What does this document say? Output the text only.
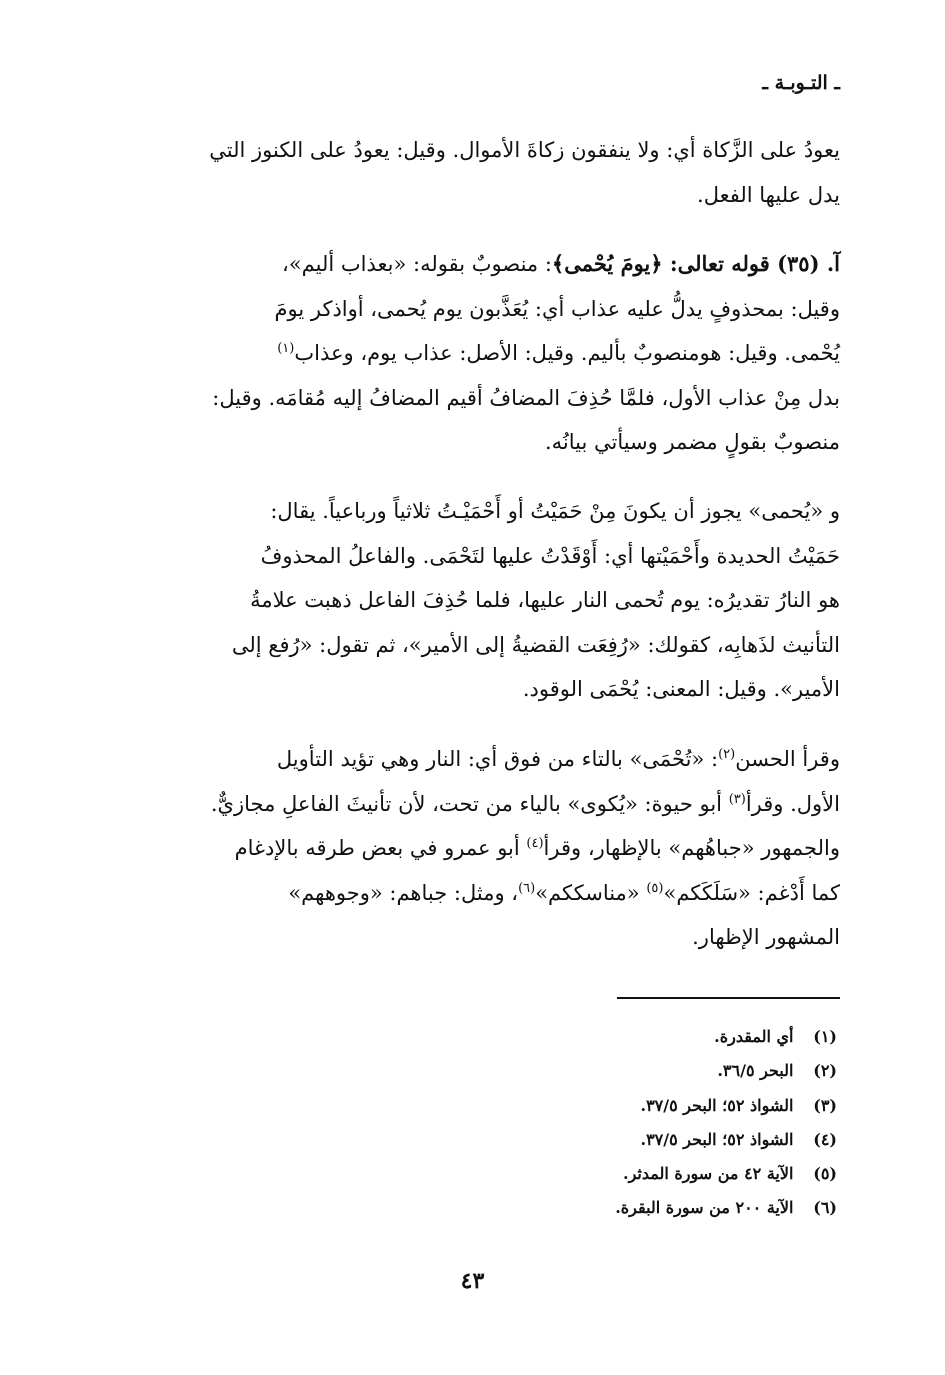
ـ التـوبـة ـ
يعودُ على الزَّكاة أي: ولا ينفقون زكاةَ الأموال. وقيل: يعودُ على الكنوز التي
يدل عليها الفعل.
آ. (٣٥) قوله تعالى: ﴿يومَ يُحْمى﴾: منصوبٌ بقوله: «بعذاب أليم»،
وقيل: بمحذوفٍ يدلُّ عليه عذاب أي: يُعَذَّبون يوم يُحمى، أواذكر يومَ
يُحْمى. وقيل: هومنصوبٌ بأليم. وقيل: الأصل: عذاب يوم، وعذاب$^{(١)}$
بدل مِنْ عذاب الأول، فلمَّا حُذِفَ المضافُ أقيم المضافُ إليه مُقامَه. وقيل:
منصوبٌ بقولٍ مضمر وسيأتي بيانُه.
و «يُحمى» يجوز أن يكونَ مِنْ حَمَيْتُ أو أَحْمَيْـتُ ثلاثياً ورباعياً. يقال:
حَمَيْتُ الحديدة وأَحْمَيْتها أي: أَوْقَدْتُ عليها لتَحْمَى. والفاعلُ المحذوفُ
هو النارُ تقديرُه: يوم تُحمى النار عليها، فلما حُذِفَ الفاعل ذهبت علامةُ
التأنيث لذَهابِه، كقولك: «رُفِعَت القضيةُ إلى الأمير»، ثم تقول: «رُفع إلى
الأمير». وقيل: المعنى: يُحْمَى الوقود.
وقرأ الحسن$^{(٢)}$: «تُحْمَى» بالتاء من فوق أي: النار وهي تؤيد التأويل
الأول. وقرأ$^{(٣)}$ أبو حيوة: «يُكوى» بالياء من تحت، لأن تأنيثَ الفاعلِ مجازيٌّ.
والجمهور «جباهُهم» بالإظهار، وقرأ$^{(٤)}$ أبو عمرو في بعض طرقه بالإدغام
كما أَدْغم: «سَلَكَكم»$^{(٥)}$ «مناسككم»$^{(٦)}$، ومثل: جباهم: «وجوههم»
المشهور الإظهار.
(١) أي المقدرة.
(٢) البحر ٣٦/٥.
(٣) الشواذ ٥٢؛ البحر ٣٧/٥.
(٤) الشواذ ٥٢؛ البحر ٣٧/٥.
(٥) الآية ٤٢ من سورة المدثر.
(٦) الآية ٢٠٠ من سورة البقرة.
٤٣
